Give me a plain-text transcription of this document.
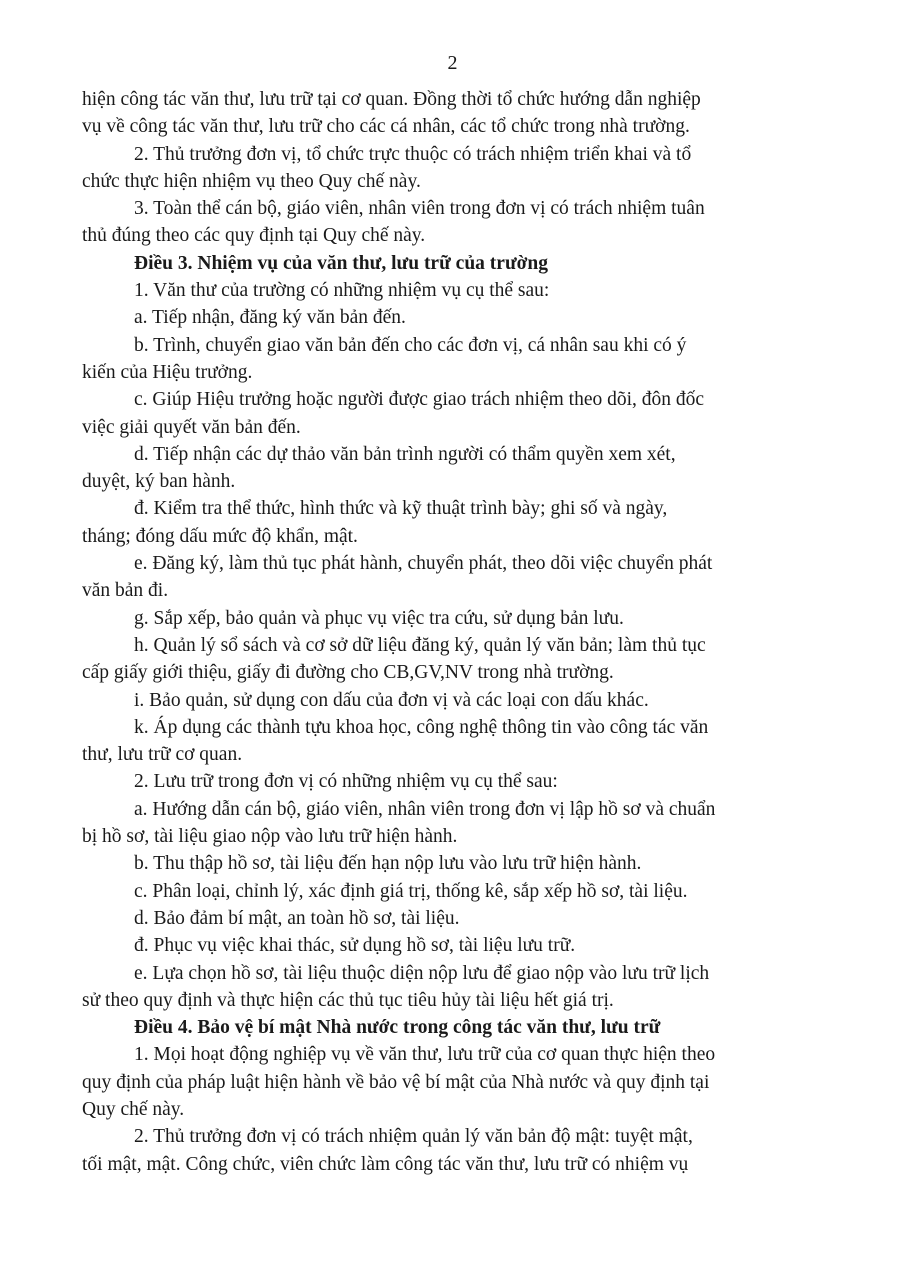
2
hiện công tác văn thư, lưu trữ tại cơ quan. Đồng thời tổ chức hướng dẫn nghiệp
vụ về công tác văn thư, lưu trữ cho các cá nhân, các tổ chức trong nhà trường.
2. Thủ trưởng đơn vị, tổ chức trực thuộc có trách nhiệm triển khai và tổ
chức thực hiện nhiệm vụ theo Quy chế này.
3. Toàn thể cán bộ, giáo viên, nhân viên trong đơn vị có trách nhiệm tuân
thủ đúng theo các quy định tại Quy chế này.
Điều 3. Nhiệm vụ của văn thư, lưu trữ của trường
1. Văn thư của trường có những nhiệm vụ cụ thể sau:
a. Tiếp nhận, đăng ký văn bản đến.
b. Trình, chuyển giao văn bản đến cho các đơn vị, cá nhân sau khi có ý
kiến của Hiệu trưởng.
c. Giúp Hiệu trưởng hoặc người được giao trách nhiệm theo dõi, đôn đốc
việc giải quyết văn bản đến.
d. Tiếp nhận các dự thảo văn bản trình người có thẩm quyền xem xét,
duyệt, ký ban hành.
đ. Kiểm tra thể thức, hình thức và kỹ thuật trình bày; ghi số và ngày,
tháng; đóng dấu mức độ khẩn, mật.
e. Đăng ký, làm thủ tục phát hành, chuyển phát, theo dõi việc chuyển phát
văn bản đi.
g. Sắp xếp, bảo quản và phục vụ việc tra cứu, sử dụng bản lưu.
h. Quản lý sổ sách và cơ sở dữ liệu đăng ký, quản lý văn bản; làm thủ tục
cấp giấy giới thiệu, giấy đi đường cho CB,GV,NV trong nhà trường.
i. Bảo quản, sử dụng con dấu của đơn vị và các loại con dấu khác.
k. Áp dụng các thành tựu khoa học, công nghệ thông tin vào công tác văn
thư, lưu trữ cơ quan.
2. Lưu trữ trong đơn vị có những nhiệm vụ cụ thể sau:
a. Hướng dẫn cán bộ, giáo viên, nhân viên trong đơn vị lập hồ sơ và chuẩn
bị hồ sơ, tài liệu giao nộp vào lưu trữ hiện hành.
b. Thu thập hồ sơ, tài liệu đến hạn nộp lưu vào lưu trữ hiện hành.
c. Phân loại, chỉnh lý, xác định giá trị, thống kê, sắp xếp hồ sơ, tài liệu.
d. Bảo đảm bí mật, an toàn hồ sơ, tài liệu.
đ. Phục vụ việc khai thác, sử dụng hồ sơ, tài liệu lưu trữ.
e. Lựa chọn hồ sơ, tài liệu thuộc diện nộp lưu để giao nộp vào lưu trữ lịch
sử theo quy định và thực hiện các thủ tục tiêu hủy tài liệu hết giá trị.
Điều 4. Bảo vệ bí mật Nhà nước trong công tác văn thư, lưu trữ
1. Mọi hoạt động nghiệp vụ về văn thư, lưu trữ của cơ quan thực hiện theo
quy định của pháp luật hiện hành về bảo vệ bí mật của Nhà nước và quy định tại
Quy chế này.
2. Thủ trưởng đơn vị có trách nhiệm quản lý văn bản độ mật: tuyệt mật,
tối mật, mật. Công chức, viên chức làm công tác văn thư, lưu trữ có nhiệm vụ
